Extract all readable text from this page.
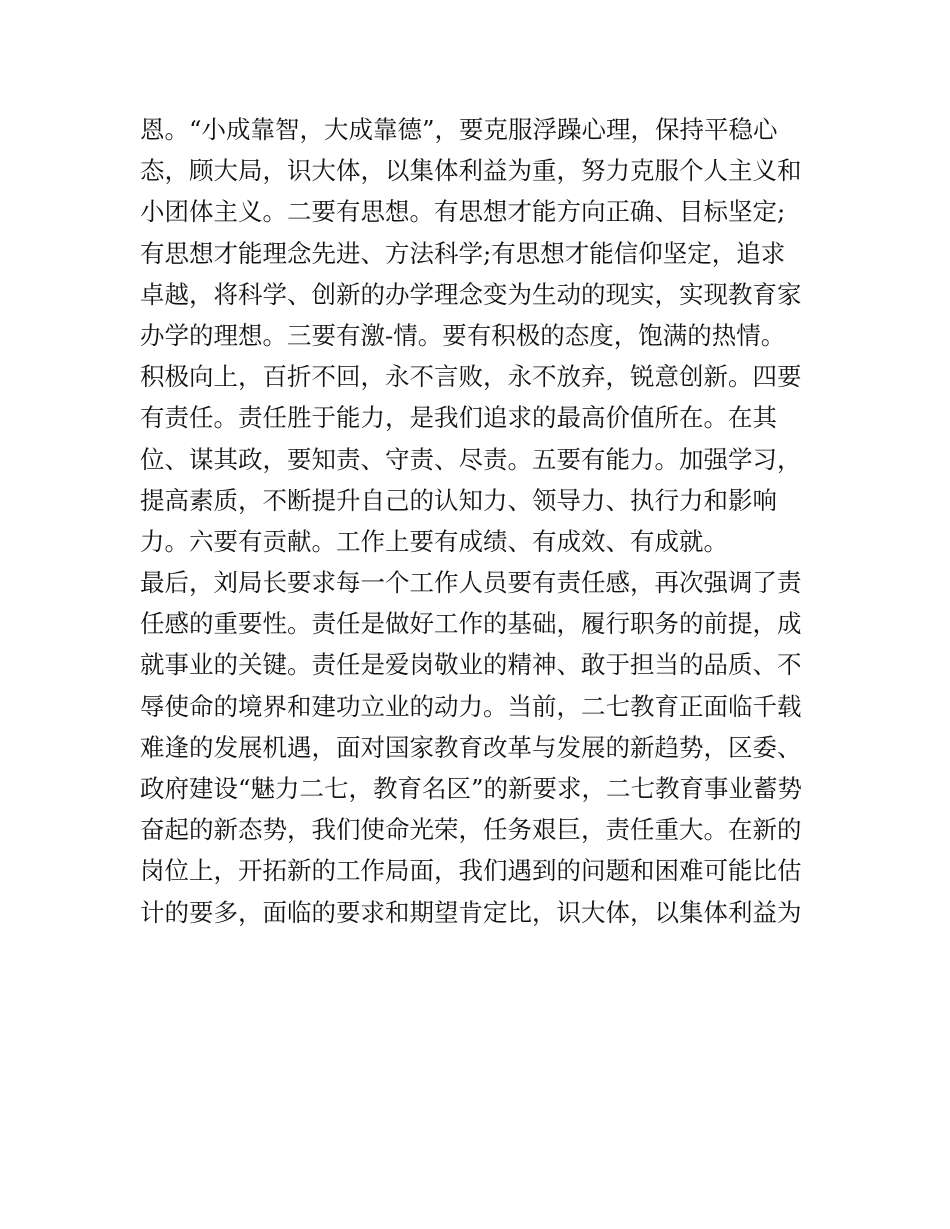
恩。“小成靠智，大成靠德”，要克服浮躁心理，保持平稳心
态，顾大局，识大体，以集体利益为重，努力克服个人主义和
小团体主义。二要有思想。有思想才能方向正确、目标坚定;
有思想才能理念先进、方法科学;有思想才能信仰坚定，追求
卓越，将科学、创新的办学理念变为生动的现实，实现教育家
办学的理想。三要有激-情。要有积极的态度，饱满的热情。
积极向上，百折不回，永不言败，永不放弃，锐意创新。四要
有责任。责任胜于能力，是我们追求的最高价值所在。在其
位、谋其政，要知责、守责、尽责。五要有能力。加强学习，
提高素质，不断提升自己的认知力、领导力、执行力和影响
力。六要有贡献。工作上要有成绩、有成效、有成就。
最后，刘局长要求每一个工作人员要有责任感，再次强调了责
任感的重要性。责任是做好工作的基础，履行职务的前提，成
就事业的关键。责任是爱岗敬业的精神、敢于担当的品质、不
辱使命的境界和建功立业的动力。当前，二七教育正面临千载
难逢的发展机遇，面对国家教育改革与发展的新趋势，区委、
政府建设“魅力二七，教育名区”的新要求，二七教育事业蓄势
奋起的新态势，我们使命光荣，任务艰巨，责任重大。在新的
岗位上，开拓新的工作局面，我们遇到的问题和困难可能比估
计的要多，面临的要求和期望肯定比，识大体，以集体利益为
